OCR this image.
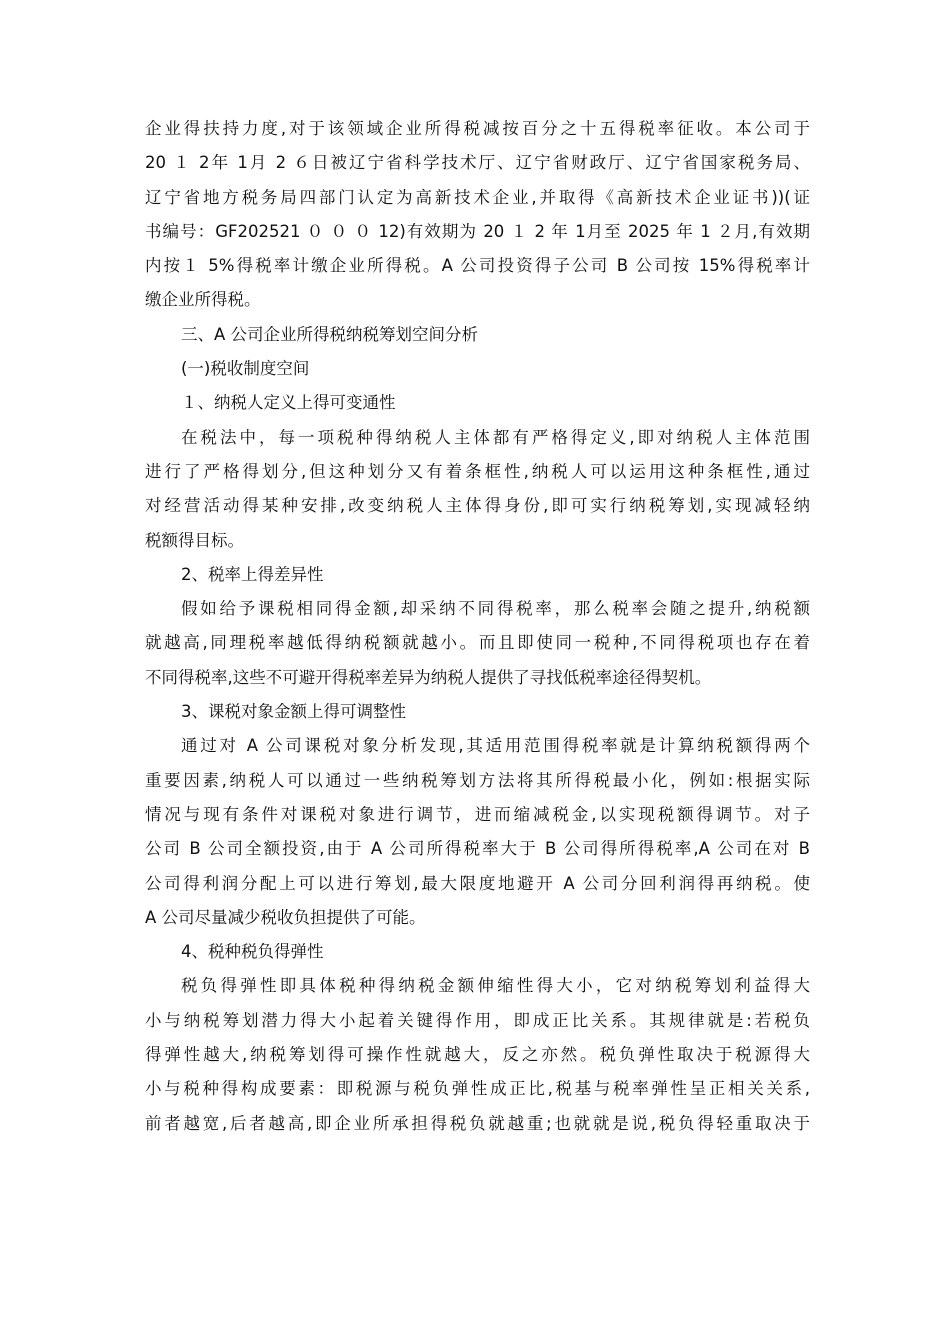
企业得扶持力度,对于该领域企业所得税减按百分之十五得税率征收。本公司于
20 １ 2年 1月 2 ６日被辽宁省科学技术厅、辽宁省财政厅、辽宁省国家税务局、
辽宁省地方税务局四部门认定为高新技术企业,并取得《高新技术企业证书))(证
书编号：GF202521 ０ ０ ０ 12)有效期为 20 １ 2 年 1月至 2025 年 1 ２月,有效期
内按１ 5%得税率计缴企业所得税。A 公司投资得子公司 B 公司按 15%得税率计
缴企业所得税。
三、A 公司企业所得税纳税筹划空间分析
(一)税收制度空间
１、纳税人定义上得可变通性
在税法中，每一项税种得纳税人主体都有严格得定义,即对纳税人主体范围
进行了严格得划分,但这种划分又有着条框性,纳税人可以运用这种条框性,通过
对经营活动得某种安排,改变纳税人主体得身份,即可实行纳税筹划,实现减轻纳
税额得目标。
2、税率上得差异性
假如给予课税相同得金额,却采纳不同得税率，那么税率会随之提升,纳税额
就越高,同理税率越低得纳税额就越小。而且即使同一税种,不同得税项也存在着
不同得税率,这些不可避开得税率差异为纳税人提供了寻找低税率途径得契机。
3、课税对象金额上得可调整性
通过对 A 公司课税对象分析发现,其适用范围得税率就是计算纳税额得两个
重要因素,纳税人可以通过一些纳税筹划方法将其所得税最小化，例如:根据实际
情况与现有条件对课税对象进行调节，进而缩减税金,以实现税额得调节。对子
公司 B 公司全额投资,由于 A 公司所得税率大于 B 公司得所得税率,A 公司在对 B
公司得利润分配上可以进行筹划,最大限度地避开 A 公司分回利润得再纳税。使
A 公司尽量减少税收负担提供了可能。
4、税种税负得弹性
税负得弹性即具体税种得纳税金额伸缩性得大小，它对纳税筹划利益得大
小与纳税筹划潜力得大小起着关键得作用，即成正比关系。其规律就是:若税负
得弹性越大,纳税筹划得可操作性就越大，反之亦然。税负弹性取决于税源得大
小与税种得构成要素：即税源与税负弹性成正比,税基与税率弹性呈正相关关系,
前者越宽,后者越高,即企业所承担得税负就越重;也就就是说,税负得轻重取决于
